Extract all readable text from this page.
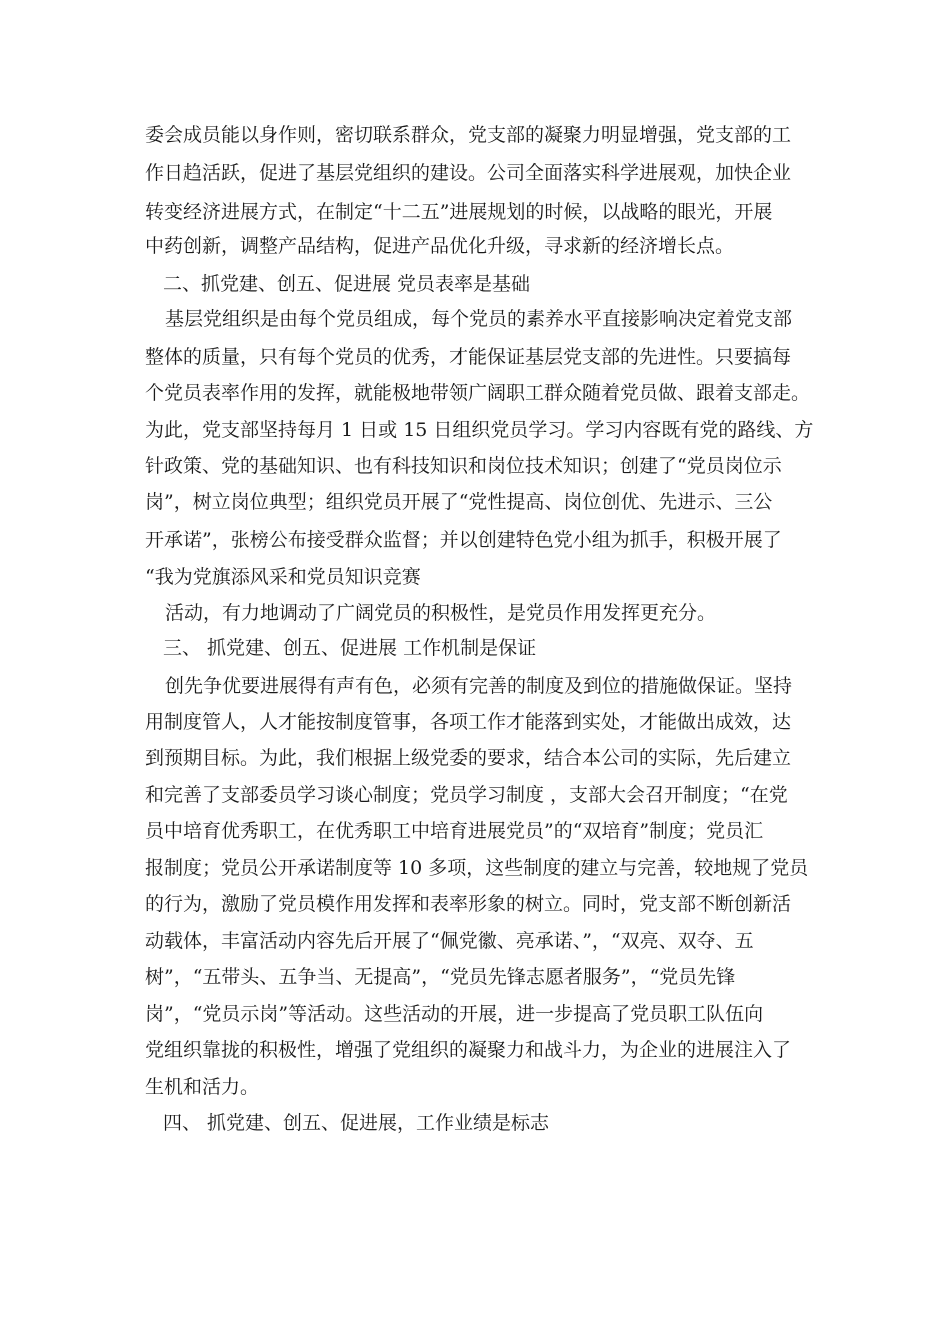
委会成员能以身作则，密切联系群众，党支部的凝聚力明显增强，党支部的工
作日趋活跃，促进了基层党组织的建设。公司全面落实科学进展观，加快企业
转变经济进展方式，在制定“十二五”进展规划的时候，以战略的眼光，开展
中药创新，调整产品结构，促进产品优化升级，寻求新的经济增长点。
二、抓党建、创五、促进展 党员表率是基础
基层党组织是由每个党员组成，每个党员的素养水平直接影响决定着党支部
整体的质量，只有每个党员的优秀，才能保证基层党支部的先进性。只要搞每
个党员表率作用的发挥，就能极地带领广阔职工群众随着党员做、跟着支部走。
为此，党支部坚持每月 1 日或 15 日组织党员学习。学习内容既有党的路线、方
针政策、党的基础知识、也有科技知识和岗位技术知识；创建了“党员岗位示
岗”，树立岗位典型；组织党员开展了“党性提高、岗位创优、先进示、三公
开承诺”，张榜公布接受群众监督；并以创建特色党小组为抓手，积极开展了
“我为党旗添风采和党员知识竞赛
活动，有力地调动了广阔党员的积极性，是党员作用发挥更充分。
三、 抓党建、创五、促进展 工作机制是保证
创先争优要进展得有声有色，必须有完善的制度及到位的措施做保证。坚持
用制度管人，人才能按制度管事，各项工作才能落到实处，才能做出成效，达
到预期目标。为此，我们根据上级党委的要求，结合本公司的实际，先后建立
和完善了支部委员学习谈心制度；党员学习制度 ，支部大会召开制度；“在党
员中培育优秀职工，在优秀职工中培育进展党员”的“双培育”制度；党员汇
报制度；党员公开承诺制度等 10 多项，这些制度的建立与完善，较地规了党员
的行为，激励了党员模作用发挥和表率形象的树立。同时，党支部不断创新活
动载体，丰富活动内容先后开展了“佩党徽、亮承诺、”，“双亮、双夺、五
树”，“五带头、五争当、无提高”，“党员先锋志愿者服务”，“党员先锋
岗”，“党员示岗”等活动。这些活动的开展，进一步提高了党员职工队伍向
党组织靠拢的积极性，增强了党组织的凝聚力和战斗力，为企业的进展注入了
生机和活力。
四、 抓党建、创五、促进展，工作业绩是标志
